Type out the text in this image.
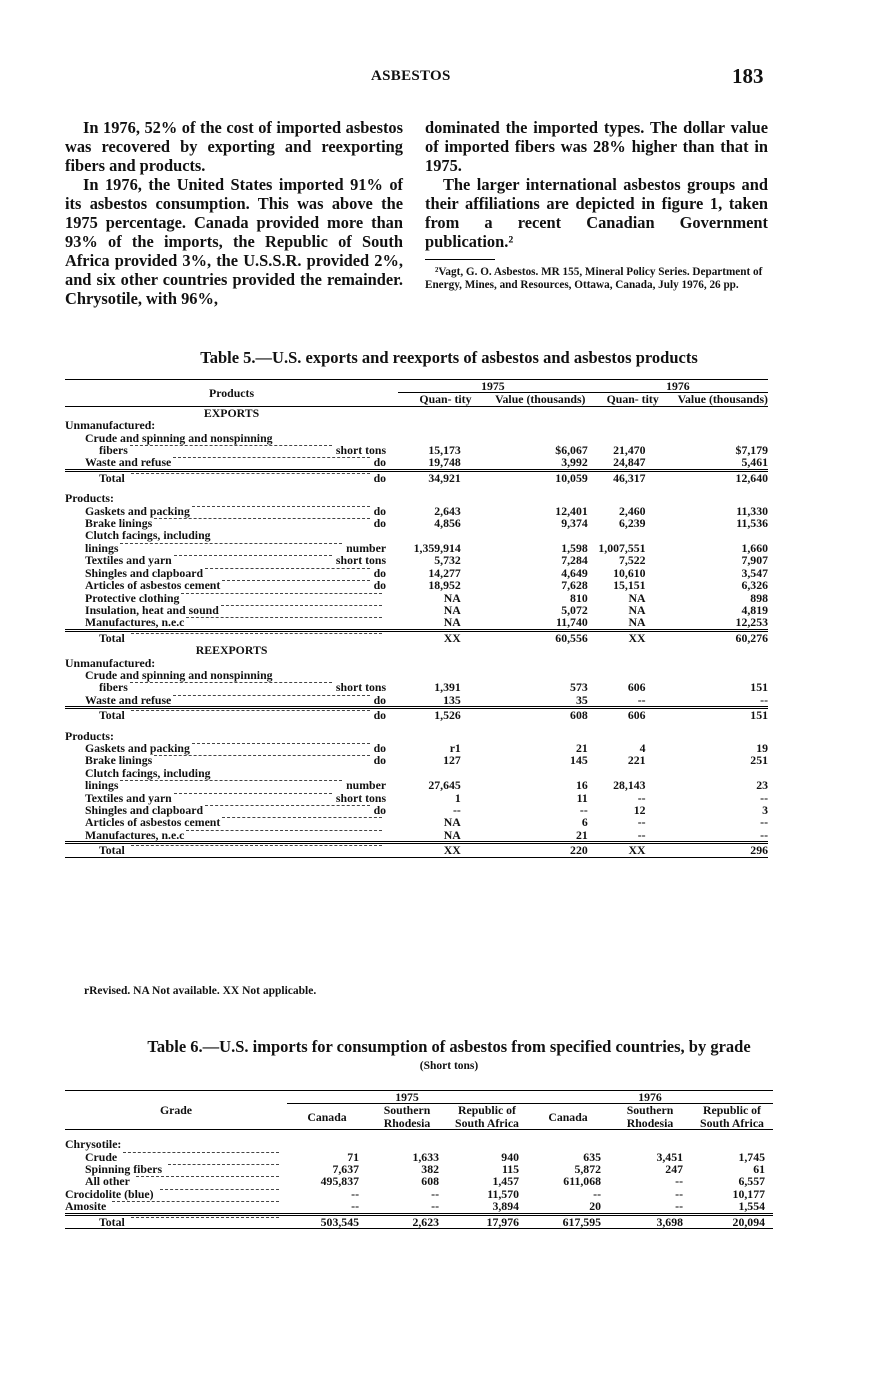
ASBESTOS	183

In 1976, 52% of the cost of imported asbestos was recovered by exporting and reexporting fibers and products.

In 1976, the United States imported 91% of its asbestos consumption. This was above the 1975 percentage. Canada provided more than 93% of the imports, the Republic of South Africa provided 3%, the U.S.S.R. provided 2%, and six other countries provided the remainder. Chrysotile, with 96%,

dominated the imported types. The dollar value of imported fibers was 28% higher than that in 1975.

The larger international asbestos groups and their affiliations are depicted in figure 1, taken from a recent Canadian Government publication.²

²Vagt, G. O. Asbestos. MR 155, Mineral Policy Series. Department of Energy, Mines, and Resources, Ottawa, Canada, July 1976, 26 pp.
Table 5.—U.S. exports and reexports of asbestos and asbestos products
Products	1975		1976	
	Quan- tity	Value (thousands)	Quan- tity	Value (thousands)
EXPORTS				
Unmanufactured:				
Crude and spinning and nonspinning				

fibers short tons	15,173	$6,067	21,470	$7,179

Waste and refuse do	19,748	3,992	24,847	5,461

Total do	34,921	10,059	46,317	12,640

Products:				

Gaskets and packing do	2,643	12,401	2,460	11,330

Brake linings do	4,856	9,374	6,239	11,536
Clutch facings, including				

linings number	1,359,914	1,598	1,007,551	1,660

Textiles and yarn short tons	5,732	7,284	7,522	7,907

Shingles and clapboard do	14,277	4,649	10,610	3,547

Articles of asbestos cement do	18,952	7,628	15,151	6,326

Protective clothing	NA	810	NA	898

Insulation, heat and sound	NA	5,072	NA	4,819

Manufactures, n.e.c	NA	11,740	NA	12,253

Total	XX	60,556	XX	60,276
REEXPORTS				
Unmanufactured:				
Crude and spinning and nonspinning				

fibers short tons	1,391	573	606	151

Waste and refuse do	135	35	--	--

Total do	1,526	608	606	151

Products:				

Gaskets and packing do	r1	21	4	19

Brake linings do	127	145	221	251
Clutch facings, including				

linings number	27,645	16	28,143	23

Textiles and yarn short tons	1	11	--	--

Shingles and clapboard do	--	--	12	3

Articles of asbestos cement	NA	6	--	--

Manufactures, n.e.c	NA	21	--	--

Total	XX	220	XX	296
rRevised. NA Not available. XX Not applicable.
Table 6.—U.S. imports for consumption of asbestos from specified countries, by grade
(Short tons)
Grade	1975			1976		
	Canada	Southern Rhodesia	Republic of South Africa	Canada	Southern Rhodesia	Republic of South Africa

Chrysotile:						

Crude	71	1,633	940	635	3,451	1,745

Spinning fibers	7,637	382	115	5,872	247	61

All other	495,837	608	1,457	611,068	--	6,557

Crocidolite (blue)	--	--	11,570	--	--	10,177

Amosite	--	--	3,894	20	--	1,554

Total	503,545	2,623	17,976	617,595	3,698	20,094
